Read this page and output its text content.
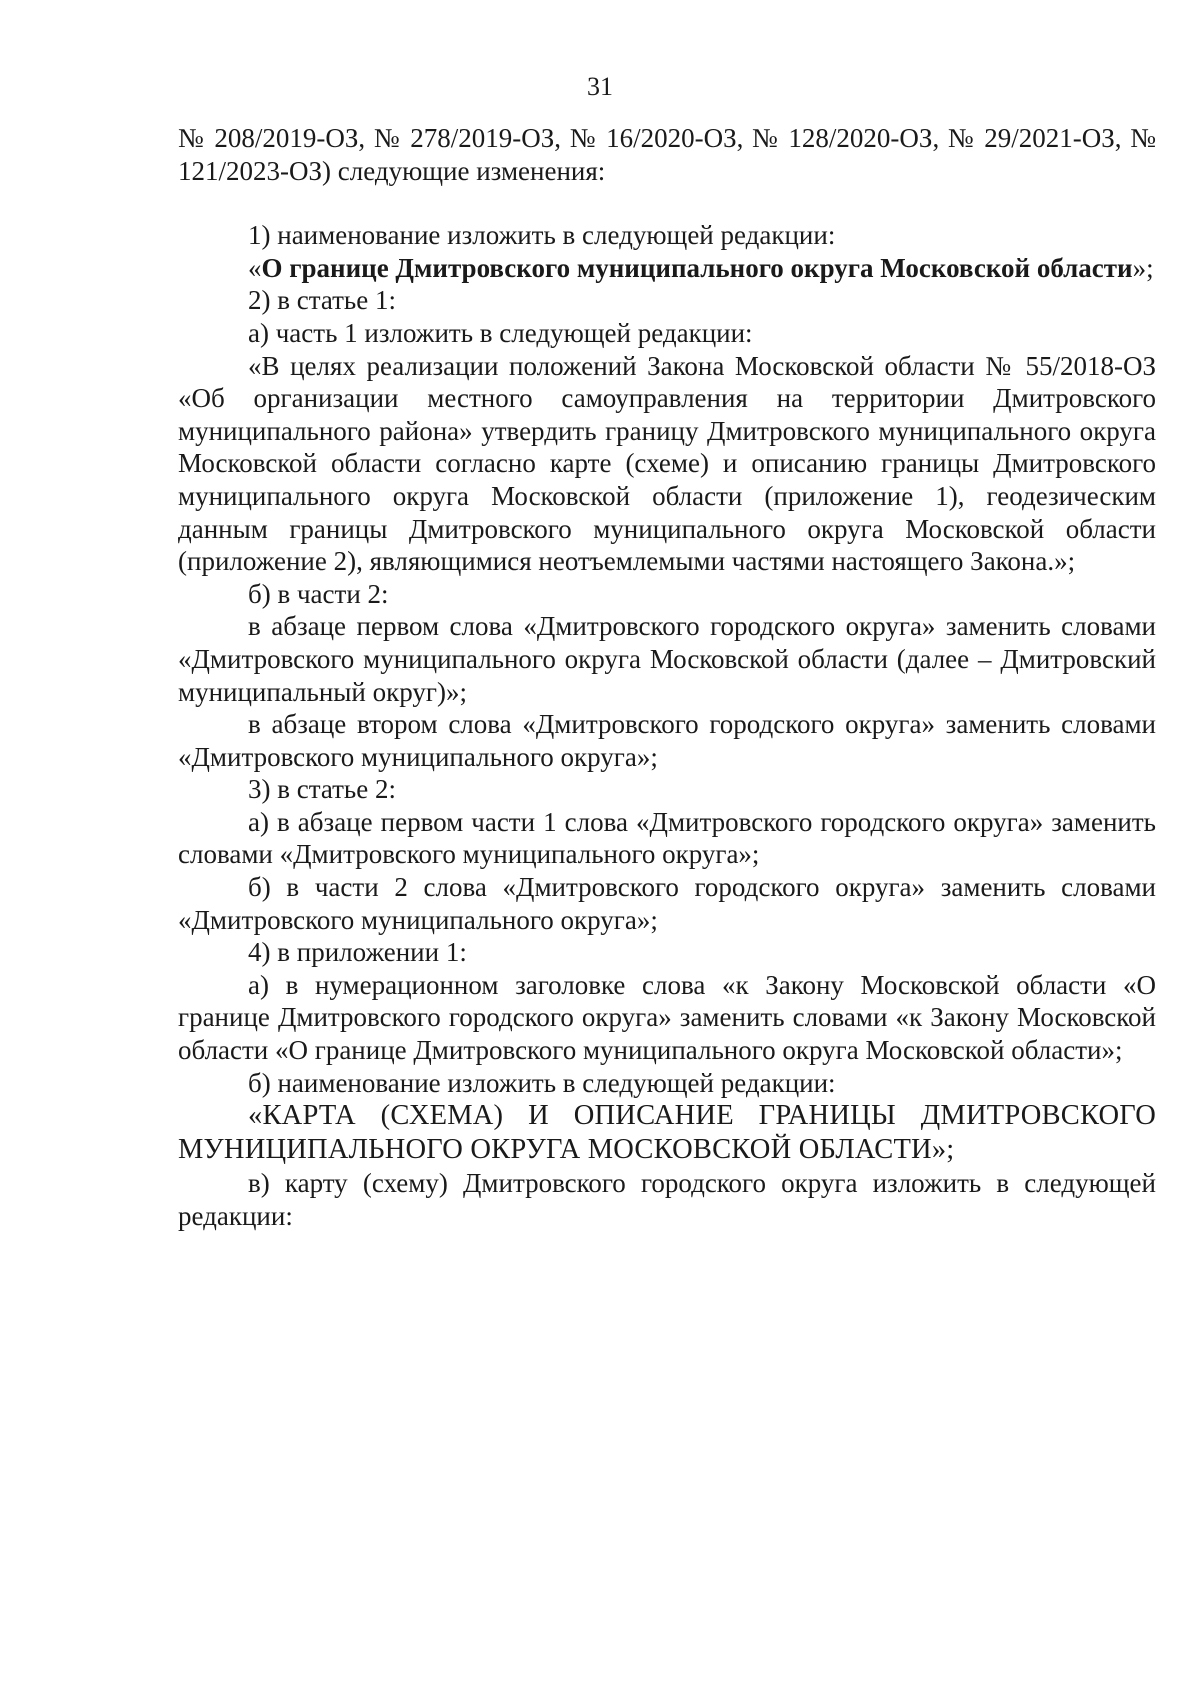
31

№ 208/2019-ОЗ, № 278/2019-ОЗ, № 16/2020-ОЗ, № 128/2020-ОЗ, № 29/2021-ОЗ, № 121/2023-ОЗ) следующие изменения:

1) наименование изложить в следующей редакции:

«О границе Дмитровского муниципального округа Московской области»;

2) в статье 1:

а) часть 1 изложить в следующей редакции:

«В целях реализации положений Закона Московской области № 55/2018-ОЗ «Об организации местного самоуправления на территории Дмитровского муниципального района» утвердить границу Дмитровского муниципального округа Московской области согласно карте (схеме) и описанию границы Дмитровского муниципального округа Московской области (приложение 1), геодезическим данным границы Дмитровского муниципального округа Московской области (приложение 2), являющимися неотъемлемыми частями настоящего Закона.»;

б) в части 2:

в абзаце первом слова «Дмитровского городского округа» заменить словами «Дмитровского муниципального округа Московской области (далее – Дмитровский муниципальный округ)»;

в абзаце втором слова «Дмитровского городского округа» заменить словами «Дмитровского муниципального округа»;

3) в статье 2:

а) в абзаце первом части 1 слова «Дмитровского городского округа» заменить словами «Дмитровского муниципального округа»;

б) в части 2 слова «Дмитровского городского округа» заменить словами «Дмитровского муниципального округа»;

4) в приложении 1:

а) в нумерационном заголовке слова «к Закону Московской области «О границе Дмитровского городского округа» заменить словами «к Закону Московской области «О границе Дмитровского муниципального округа Московской области»;

б) наименование изложить в следующей редакции:

«КАРТА (СХЕМА) И ОПИСАНИЕ ГРАНИЦЫ ДМИТРОВСКОГО МУНИЦИПАЛЬНОГО ОКРУГА МОСКОВСКОЙ ОБЛАСТИ»;

в) карту (схему) Дмитровского городского округа изложить в следующей редакции:
